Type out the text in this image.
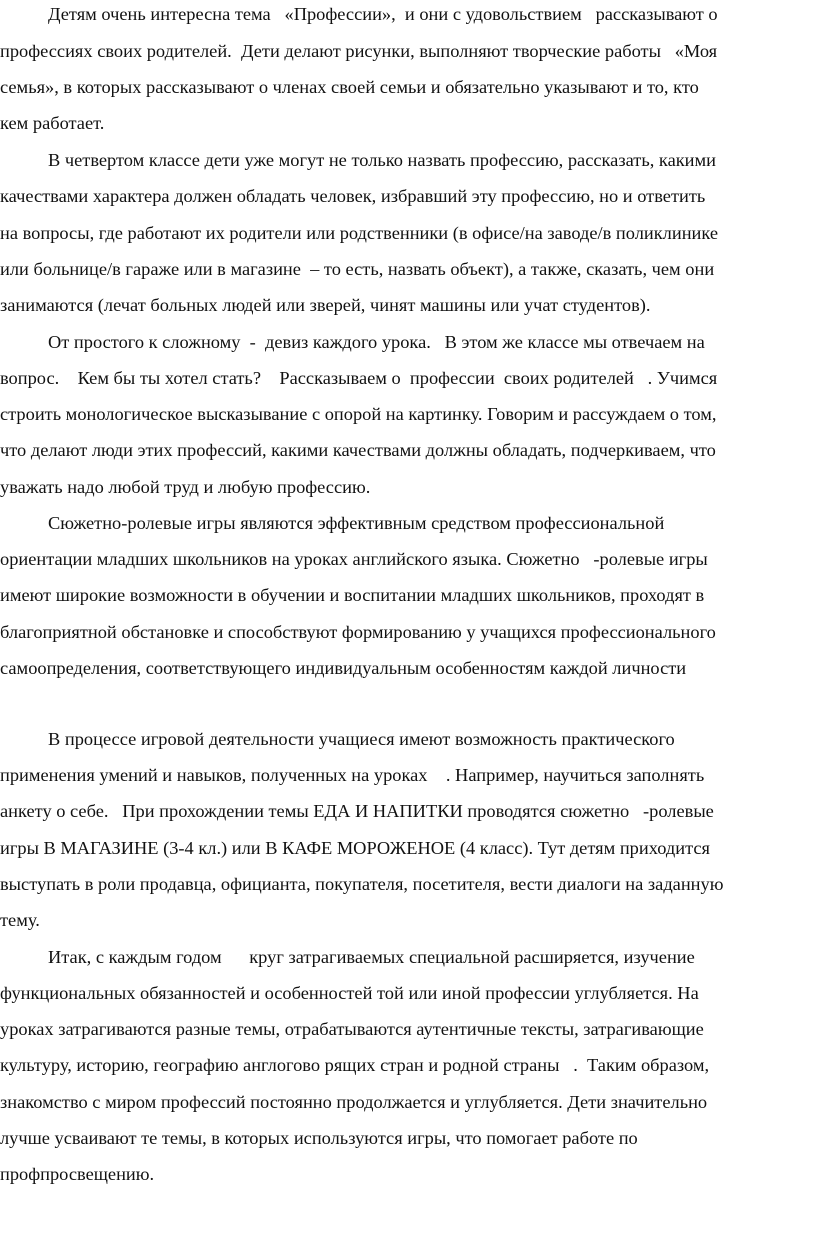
Детям очень интересна тема   «Профессии»,  и они с удовольствием   рассказывают о
профессиях своих родителей.  Дети делают рисунки, выполняют творческие работы   «Моя
семья», в которых рассказывают о членах своей семьи и обязательно указывают и то, кто
кем работает.
В четвертом классе дети уже могут не только назвать профессию, рассказать, какими
качествами характера должен обладать человек, избравший эту профессию, но и ответить
на вопросы, где работают их родители или родственники (в офисе/на заводе/в поликлинике
или больнице/в гараже или в магазине  – то есть, назвать объект), а также, сказать, чем они
занимаются (лечат больных людей или зверей, чинят машины или учат студентов).
От простого к сложному  -  девиз каждого урока.   В этом же классе мы отвечаем на
вопрос.    Кем бы ты хотел стать?    Рассказываем о  профессии  своих родителей   . Учимся
строить монологическое высказывание с опорой на картинку. Говорим и рассуждаем о том,
что делают люди этих профессий, какими качествами должны обладать, подчеркиваем, что
уважать надо любой труд и любую профессию.
Сюжетно-ролевые игры являются эффективным средством профессиональной
ориентации младших школьников на уроках английского языка. Сюжетно   -ролевые игры
имеют широкие возможности в обучении и воспитании младших школьников, проходят в
благоприятной обстановке и способствуют формированию у учащихся профессионального
самоопределения, соответствующего индивидуальным особенностям каждой личности
В процессе игровой деятельности учащиеся имеют возможность практического
применения умений и навыков, полученных на уроках    . Например, научиться заполнять
анкету о себе.   При прохождении темы ЕДА И НАПИТКИ проводятся сюжетно   -ролевые
игры В МАГАЗИНЕ (3-4 кл.) или В КАФЕ МОРОЖЕНОЕ (4 класс). Тут детям приходится
выступать в роли продавца, официанта, покупателя, посетителя, вести диалоги на заданную
тему.
Итак, с каждым годом      круг затрагиваемых специальной расширяется, изучение
функциональных обязанностей и особенностей той или иной профессии углубляется. На
уроках затрагиваются разные темы, отрабатываются аутентичные тексты, затрагивающие
культуру, историю, географию англогово рящих стран и родной страны   .  Таким образом,
знакомство с миром профессий постоянно продолжается и углубляется. Дети значительно
лучше усваивают те темы, в которых используются игры, что помогает работе по
профпросвещению.
